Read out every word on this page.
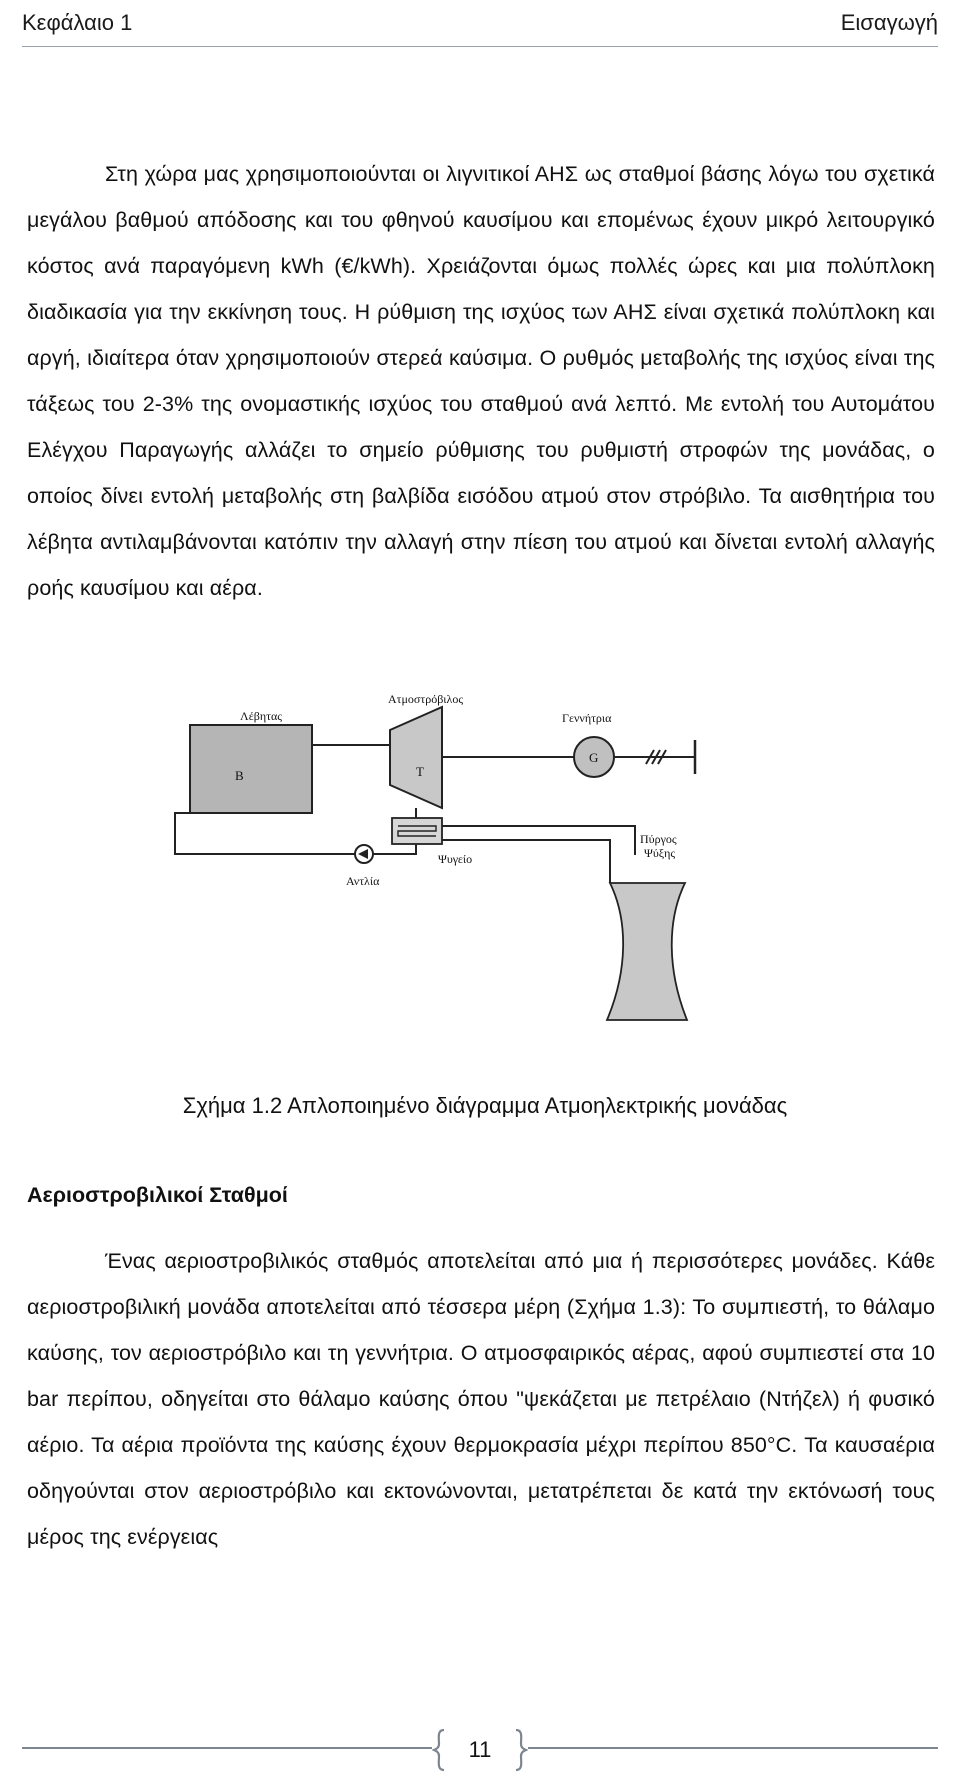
Κεφάλαιο 1	Εισαγωγή

Στη χώρα μας χρησιμοποιούνται οι λιγνιτικοί ΑΗΣ ως σταθμοί βάσης λόγω του σχετικά μεγάλου βαθμού απόδοσης και του φθηνού καυσίμου και επομένως έχουν μικρό λειτουργικό κόστος ανά παραγόμενη kWh (€/kWh). Χρειάζονται όμως πολλές ώρες και μια πολύπλοκη διαδικασία για την εκκίνηση τους. Η ρύθμιση της ισχύος των ΑΗΣ είναι σχετικά πολύπλοκη και αργή, ιδιαίτερα όταν χρησιμοποιούν στερεά καύσιμα. Ο ρυθμός μεταβολής της ισχύος είναι της τάξεως του 2-3% της ονομαστικής ισχύος του σταθμού ανά λεπτό. Με εντολή του Αυτομάτου Ελέγχου Παραγωγής αλλάζει το σημείο ρύθμισης του ρυθμιστή στροφών της μονάδας, ο οποίος δίνει εντολή μεταβολής στη βαλβίδα εισόδου ατμού στον στρόβιλο. Τα αισθητήρια του λέβητα αντιλαμβάνονται κατόπιν την αλλαγή στην πίεση του ατμού και δίνεται εντολή αλλαγής ροής καυσίμου και αέρα.

B
Λέβητας
T
Ατμοστρόβιλος
G
Γεννήτρια
Ψυγείο
Αντλία
Πύργος
Ψύξης
Σχήμα 1.2 Απλοποιημένο διάγραμμα Ατμοηλεκτρικής μονάδας
Αεριοστροβιλικοί Σταθμοί

Ένας αεριοστροβιλικός σταθμός αποτελείται από μια ή περισσότερες μονάδες. Κάθε αεριοστροβιλική μονάδα αποτελείται από τέσσερα μέρη (Σχήμα 1.3): Το συμπιεστή, το θάλαμο καύσης, τον αεριοστρόβιλο και τη γεννήτρια. Ο ατμοσφαιρικός αέρας, αφού συμπιεστεί στα 10 bar περίπου, οδηγείται στο θάλαμο καύσης όπου "ψεκάζεται με πετρέλαιο (Ντήζελ) ή φυσικό αέριο. Τα αέρια προϊόντα της καύσης έχουν θερμοκρασία μέχρι περίπου 850°C. Τα καυσαέρια οδηγούνται στον αεριοστρόβιλο και εκτονώνονται, μετατρέπεται δε κατά την εκτόνωσή τους μέρος της ενέργειας

11
